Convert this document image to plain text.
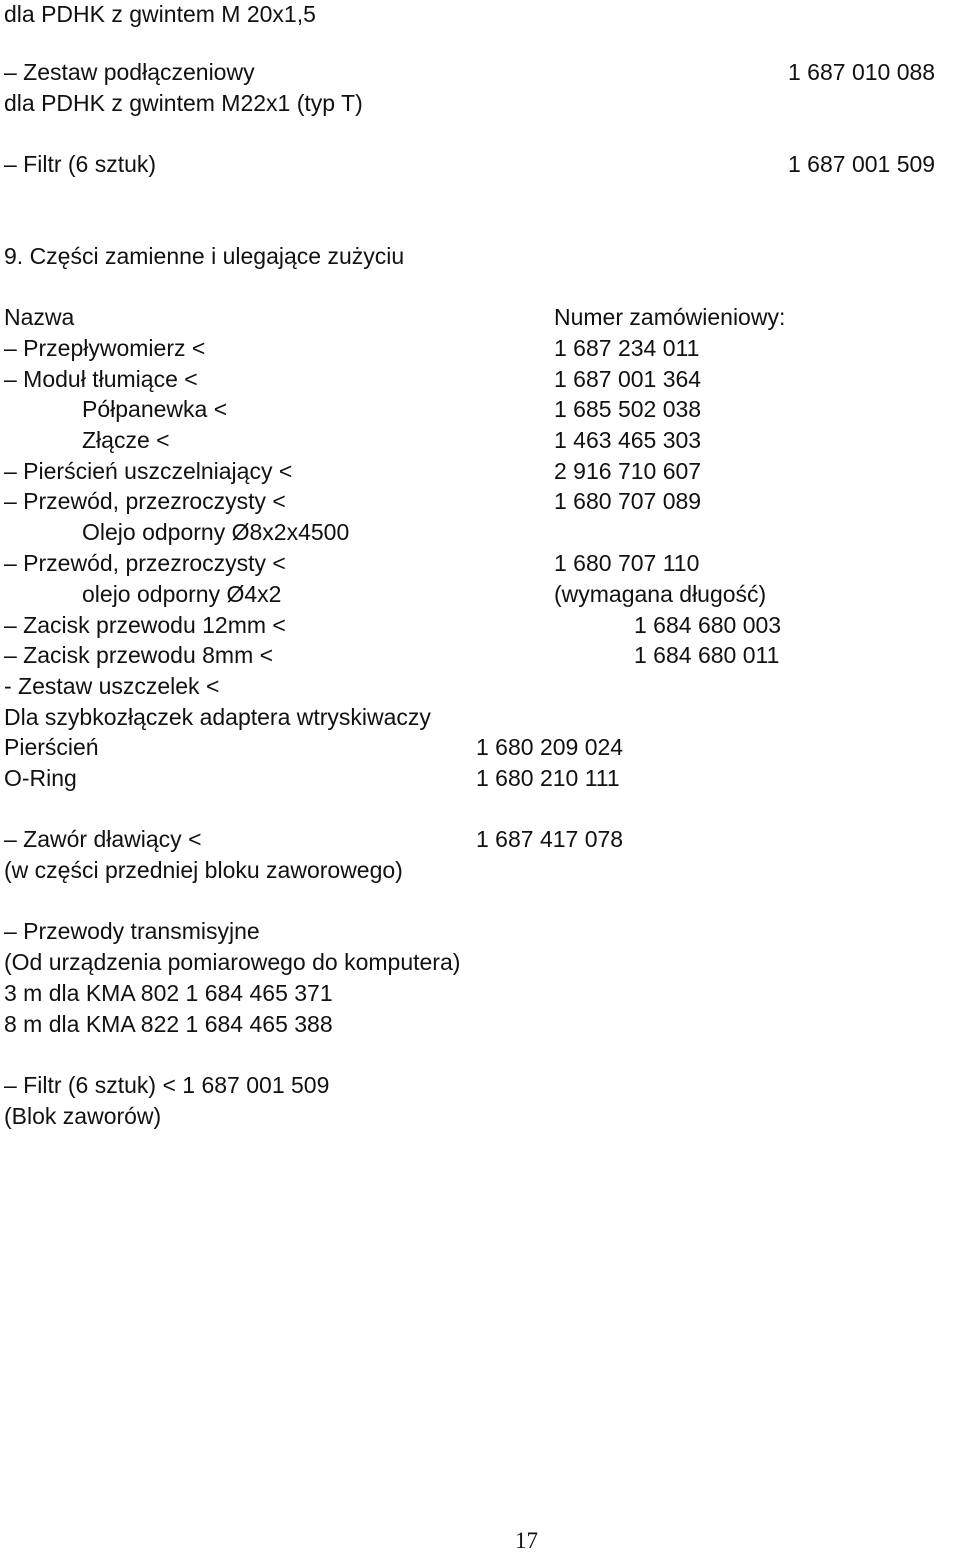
dla PDHK z gwintem M 20x1,5
– Zestaw podłączeniowy	1 687 010 088
dla PDHK z gwintem M22x1 (typ T)
– Filtr (6 sztuk)	1 687 001 509
9. Części zamienne i ulegające zużyciu
Nazwa	Numer zamówieniowy:
– Przepływomierz <	1 687 234 011
– Moduł tłumiące <	1 687 001 364
Półpanewka <	1 685 502 038
Złącze <	1 463 465 303
– Pierścień uszczelniający <	2 916 710 607
– Przewód, przezroczysty <	1 680 707 089
Olejo odporny Ø8x2x4500
– Przewód, przezroczysty <	1 680 707 110
olejo odporny Ø4x2	(wymagana długość)
– Zacisk przewodu 12mm <	1 684 680 003
– Zacisk przewodu 8mm <	1 684 680 011
- Zestaw uszczelek <
Dla szybkozłączek adaptera wtryskiwaczy
Pierścień	1 680 209 024
O-Ring	1 680 210 111
– Zawór dławiący <	1 687 417 078
(w części przedniej bloku zaworowego)
– Przewody transmisyjne
(Od urządzenia pomiarowego do komputera)
3 m dla KMA 802 1 684 465 371
8 m dla KMA 822 1 684 465 388
– Filtr (6 sztuk) < 1 687 001 509
(Blok zaworów)
17
